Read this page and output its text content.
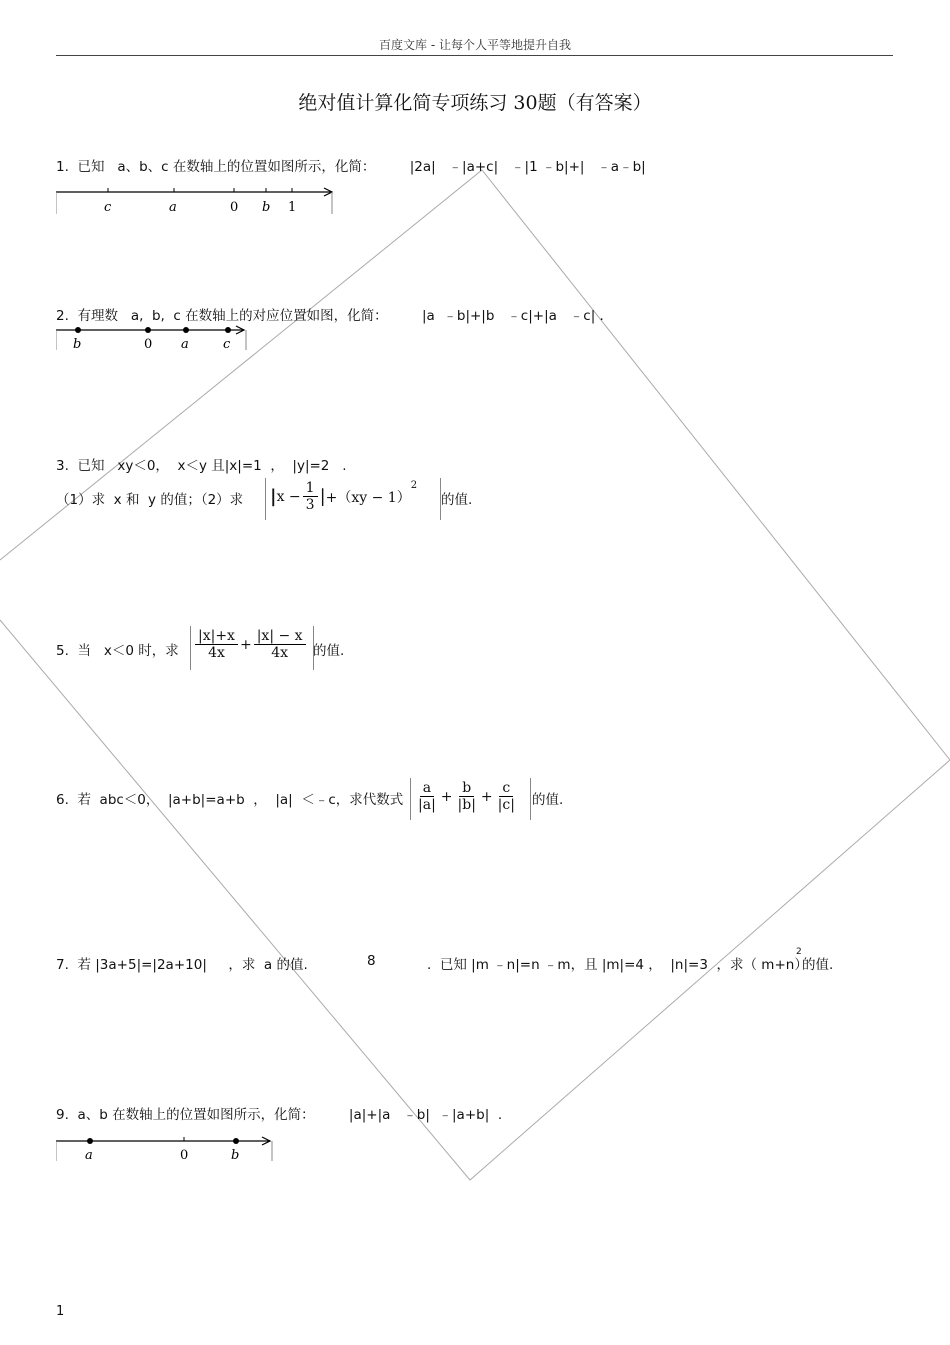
百度文库 - 让每个人平等地提升自我
绝对值计算化简专项练习 30题（有答案）
1.  已知   a、b、c 在数轴上的位置如图所示，化简：        |2a|   ﹣|a+c|   ﹣|1 ﹣b|+|   ﹣a﹣b|
c	a	0 b 1
2.  有理数   a,  b,  c 在数轴上的对应位置如图，化简：        |a  ﹣b|+|b   ﹣c|+|a   ﹣c| .
b	0 a	c
3.  已知   xy＜0，  x＜y 且|x|=1  ，  |y|=2   .
（1）求  x 和  y 的值；（2）求 | $x - \frac{1}{3}$ | +（xy − 1）
$^2$
的值.
5.  当   x＜0 时，求 $\frac{|x|+x}{4x} + \frac{|x| - x}{4x}$ 的值.
6.  若  abc＜0，  |a+b|=a+b  ，  |a|  ＜﹣c，求代数式 $\frac{a}{|a|} + \frac{b}{|b|} + \frac{c}{|c|}$ 的值.
7.  若 |3a+5|=|2a+10|     ，求  a 的值.	8	.  已知 |m ﹣n|=n ﹣m，且 |m|=4 ，  |n|=3  ，求（ m+n）
2
的值.
9.  a、b 在数轴上的位置如图所示，化简：        |a|+|a   ﹣b|  ﹣|a+b|  .
a	0	b
1
